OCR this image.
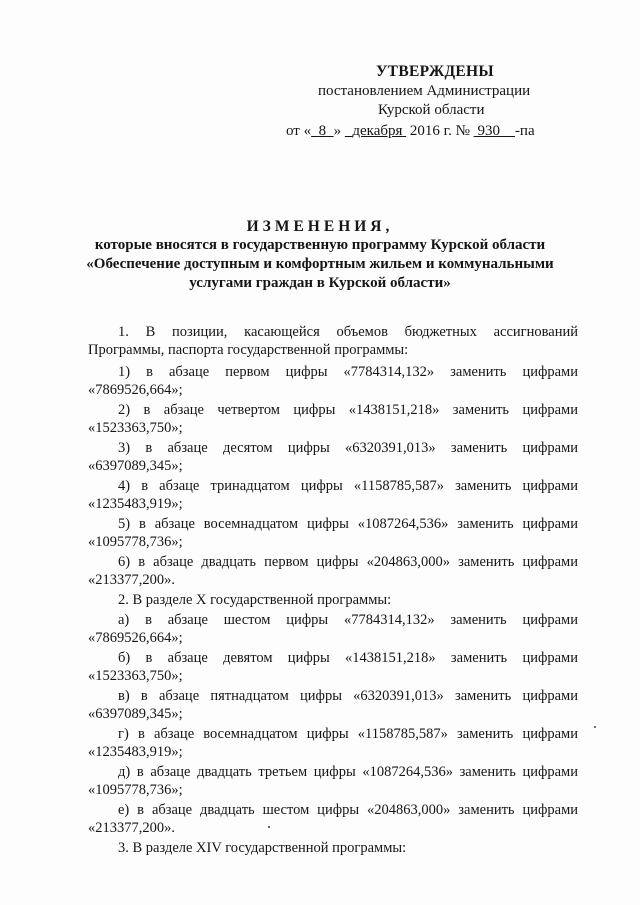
УТВЕРЖДЕНЫ
постановлением Администрации
Курской области
от « 8 » декабря 2016 г. № 930 -па
ИЗМЕНЕНИЯ,
которые вносятся в государственную программу Курской области
«Обеспечение доступным и комфортным жильем и коммунальными
услугами граждан в Курской области»

1. В позиции, касающейся объемов бюджетных ассигнований Программы, паспорта государственной программы:

1) в абзаце первом цифры «7784314,132» заменить цифрами «7869526,664»;

2) в абзаце четвертом цифры «1438151,218» заменить цифрами «1523363,750»;

3) в абзаце десятом цифры «6320391,013» заменить цифрами «6397089,345»;

4) в абзаце тринадцатом цифры «1158785,587» заменить цифрами «1235483,919»;

5) в абзаце восемнадцатом цифры «1087264,536» заменить цифрами «1095778,736»;

6) в абзаце двадцать первом цифры «204863,000» заменить цифрами «213377,200».

2. В разделе X государственной программы:

а) в абзаце шестом цифры «7784314,132» заменить цифрами «7869526,664»;

б) в абзаце девятом цифры «1438151,218» заменить цифрами «1523363,750»;

в) в абзаце пятнадцатом цифры «6320391,013» заменить цифрами «6397089,345»;

г) в абзаце восемнадцатом цифры «1158785,587» заменить цифрами «1235483,919»;

д) в абзаце двадцать третьем цифры «1087264,536» заменить цифрами «1095778,736»;

е) в абзаце двадцать шестом цифры «204863,000» заменить цифрами «213377,200».

3. В разделе XIV государственной программы:
